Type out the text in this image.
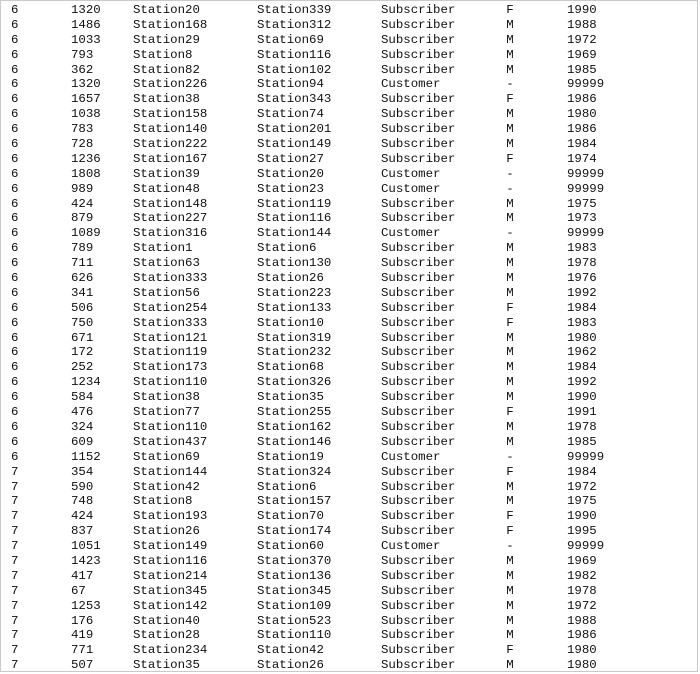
6	1320	Station20	Station339	Subscriber	F	1990
6	1486	Station168	Station312	Subscriber	M	1988
6	1033	Station29	Station69	Subscriber	M	1972
6	793	Station8	Station116	Subscriber	M	1969
6	362	Station82	Station102	Subscriber	M	1985
6	1320	Station226	Station94	Customer	-	99999
6	1657	Station38	Station343	Subscriber	F	1986
6	1038	Station158	Station74	Subscriber	M	1980
6	783	Station140	Station201	Subscriber	M	1986
6	728	Station222	Station149	Subscriber	M	1984
6	1236	Station167	Station27	Subscriber	F	1974
6	1808	Station39	Station20	Customer	-	99999
6	989	Station48	Station23	Customer	-	99999
6	424	Station148	Station119	Subscriber	M	1975
6	879	Station227	Station116	Subscriber	M	1973
6	1089	Station316	Station144	Customer	-	99999
6	789	Station1	Station6	Subscriber	M	1983
6	711	Station63	Station130	Subscriber	M	1978
6	626	Station333	Station26	Subscriber	M	1976
6	341	Station56	Station223	Subscriber	M	1992
6	506	Station254	Station133	Subscriber	F	1984
6	750	Station333	Station10	Subscriber	F	1983
6	671	Station121	Station319	Subscriber	M	1980
6	172	Station119	Station232	Subscriber	M	1962
6	252	Station173	Station68	Subscriber	M	1984
6	1234	Station110	Station326	Subscriber	M	1992
6	584	Station38	Station35	Subscriber	M	1990
6	476	Station77	Station255	Subscriber	F	1991
6	324	Station110	Station162	Subscriber	M	1978
6	609	Station437	Station146	Subscriber	M	1985
6	1152	Station69	Station19	Customer	-	99999
7	354	Station144	Station324	Subscriber	F	1984
7	590	Station42	Station6	Subscriber	M	1972
7	748	Station8	Station157	Subscriber	M	1975
7	424	Station193	Station70	Subscriber	F	1990
7	837	Station26	Station174	Subscriber	F	1995
7	1051	Station149	Station60	Customer	-	99999
7	1423	Station116	Station370	Subscriber	M	1969
7	417	Station214	Station136	Subscriber	M	1982
7	67	Station345	Station345	Subscriber	M	1978
7	1253	Station142	Station109	Subscriber	M	1972
7	176	Station40	Station523	Subscriber	M	1988
7	419	Station28	Station110	Subscriber	M	1986
7	771	Station234	Station42	Subscriber	F	1980
7	507	Station35	Station26	Subscriber	M	1980
